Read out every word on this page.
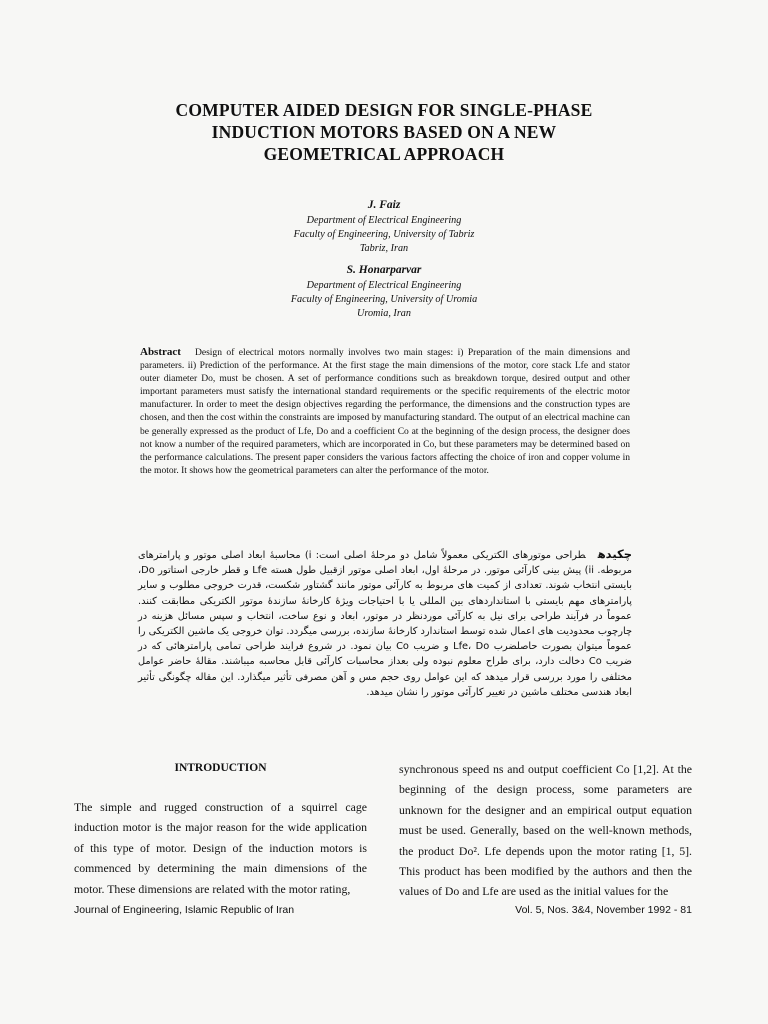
COMPUTER AIDED DESIGN FOR SINGLE-PHASE
INDUCTION MOTORS BASED ON A NEW
GEOMETRICAL APPROACH
J. Faiz
Department of Electrical Engineering
Faculty of Engineering, University of Tabriz
Tabriz, Iran
S. Honarparvar
Department of Electrical Engineering
Faculty of Engineering, University of Uromia
Uromia, Iran
Abstract Design of electrical motors normally involves two main stages: i) Preparation of the main dimensions and parameters. ii) Prediction of the performance. At the first stage the main dimensions of the motor, core stack Lfe and stator outer diameter Do, must be chosen. A set of performance conditions such as breakdown torque, desired output and other important parameters must satisfy the international standard requirements or the specific requirements of the electric motor manufacturer. In order to meet the design objectives regarding the performance, the dimensions and the construction types are chosen, and then the cost within the constraints are imposed by manufacturing standard. The output of an electrical machine can be generally expressed as the product of Lfe, Do and a coefficient Co at the beginning of the design process, the designer does not know a number of the required parameters, which are incorporated in Co, but these parameters may be determined based on the performance calculations. The present paper considers the various factors affecting the choice of iron and copper volume in the motor. It shows how the geometrical parameters can alter the performance of the motor.
چکیدهطراحی موتورهای الکتریکی معمولاً شامل دو مرحلهٔ اصلی است: i) محاسبهٔ ابعاد اصلی موتور و پارامترهای مربوطه. ii) پیش بینی کارآئی موتور. در مرحلهٔ اول، ابعاد اصلی موتور ازقبیل طول هسته Lfe و قطر خارجی استاتور Do، بایستی انتخاب شوند. تعدادی از کمیت های مربوط به کارآئی موتور مانند گشتاور شکست، قدرت خروجی مطلوب و سایر پارامترهای مهم بایستی با استانداردهای بین المللی یا با احتیاجات ویژهٔ کارخانهٔ سازندهٔ موتور الکتریکی مطابقت کنند. عموماً در فرآیند طراحی برای نیل به کارآئی موردنظر در موتور، ابعاد و نوع ساخت، انتخاب و سپس مسائل هزینه در چارچوب محدودیت های اعمال شده توسط استاندارد کارخانهٔ سازنده، بررسی میگردد. توان خروجی یک ماشین الکتریکی را عموماً میتوان بصورت حاصلضرب Lfe، Do و ضریب Co بیان نمود. در شروع فرایند طراحی تمامی پارامترهائی که در ضریب Co دخالت دارد، برای طراح معلوم نبوده ولی بعداز محاسبات کارآئی قابل محاسبه میباشند. مقالهٔ حاضر عوامل مختلفی را مورد بررسی قرار میدهد که این عوامل روی حجم مس و آهن مصرفی تأثیر میگذارد. این مقاله چگونگی تأثیر ابعاد هندسی مختلف ماشین در تغییر کارآئی موتور را نشان میدهد.
INTRODUCTION
The simple and rugged construction of a squirrel cage induction motor is the major reason for the wide application of this type of motor. Design of the induction motors is commenced by determining the main dimensions of the motor. These dimensions are related with the motor rating,
synchronous speed ns and output coefficient Co [1,2]. At the beginning of the design process, some parameters are unknown for the designer and an empirical output equation must be used. Generally, based on the well-known methods, the product Do². Lfe depends upon the motor rating [1, 5]. This product has been modified by the authors and then the values of Do and Lfe are used as the initial values for the
Journal of Engineering, Islamic Republic of Iran	Vol. 5, Nos. 3&4, November 1992 - 81
